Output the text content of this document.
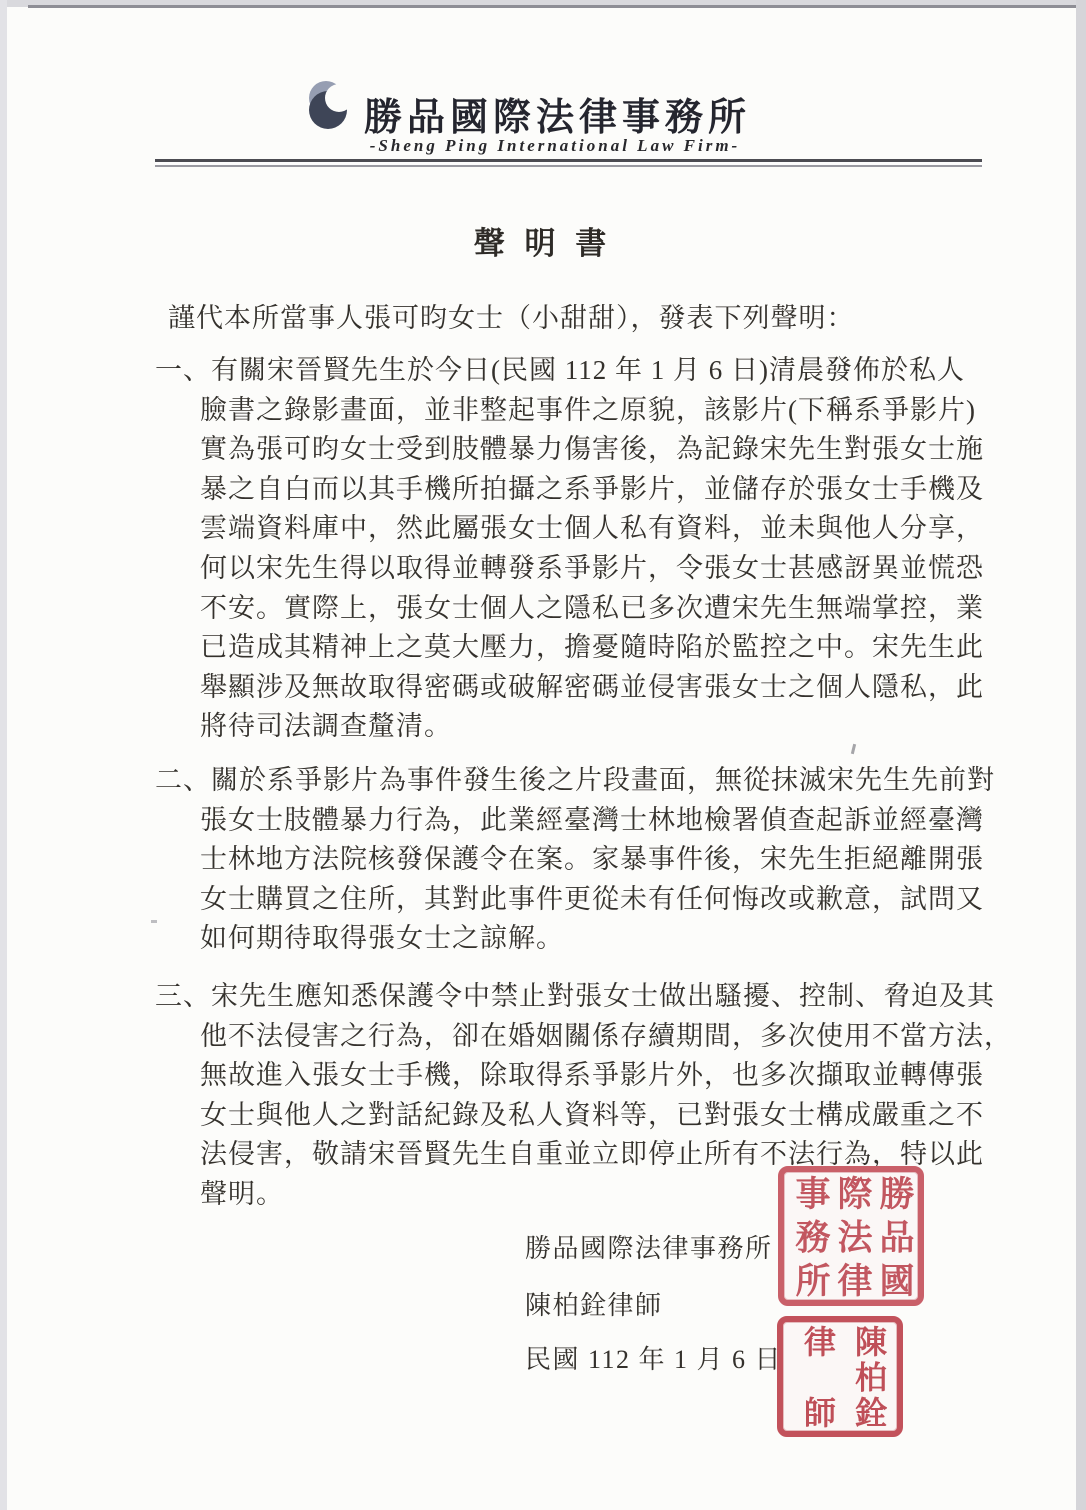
勝品國際法律事務所
-Sheng Ping International Law Firm-
聲 明 書
謹代本所當事人張可昀女士（小甜甜），發表下列聲明：
一、有關宋晉賢先生於今日(民國 112 年 1 月 6 日)清晨發佈於私人
臉書之錄影畫面，並非整起事件之原貌，該影片(下稱系爭影片)
實為張可昀女士受到肢體暴力傷害後，為記錄宋先生對張女士施
暴之自白而以其手機所拍攝之系爭影片，並儲存於張女士手機及
雲端資料庫中，然此屬張女士個人私有資料，並未與他人分享，
何以宋先生得以取得並轉發系爭影片，令張女士甚感訝異並慌恐
不安。實際上，張女士個人之隱私已多次遭宋先生無端掌控，業
已造成其精神上之莫大壓力，擔憂隨時陷於監控之中。宋先生此
舉顯涉及無故取得密碼或破解密碼並侵害張女士之個人隱私，此
將待司法調查釐清。
二、關於系爭影片為事件發生後之片段畫面，無從抹滅宋先生先前對
張女士肢體暴力行為，此業經臺灣士林地檢署偵查起訴並經臺灣
士林地方法院核發保護令在案。家暴事件後，宋先生拒絕離開張
女士購買之住所，其對此事件更從未有任何悔改或歉意，試問又
如何期待取得張女士之諒解。
三、宋先生應知悉保護令中禁止對張女士做出騷擾、控制、脅迫及其
他不法侵害之行為，卻在婚姻關係存續期間，多次使用不當方法，
無故進入張女士手機，除取得系爭影片外，也多次擷取並轉傳張
女士與他人之對話紀錄及私人資料等，已對張女士構成嚴重之不
法侵害，敬請宋晉賢先生自重並立即停止所有不法行為，特以此
聲明。
勝品國際法律事務所
陳柏銓律師
民國 112 年 1 月 6 日
勝品國際法律事務所
陳柏銓律師
